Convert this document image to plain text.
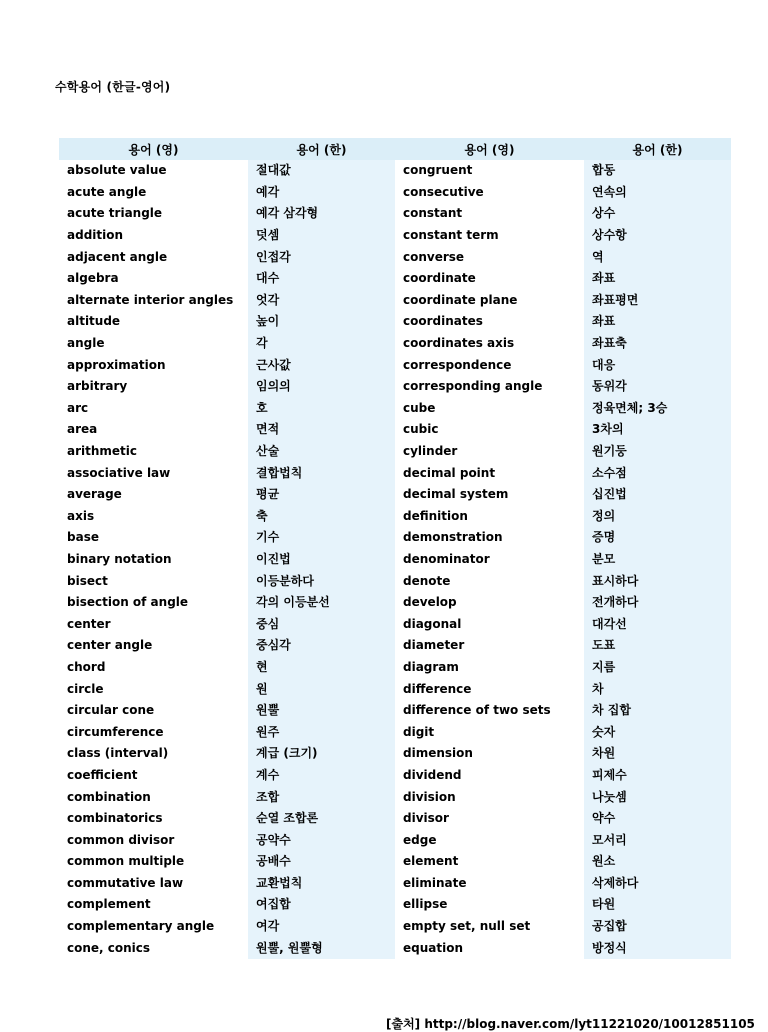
수학용어 (한글-영어)
용어 (영)	용어 (한)	용어 (영)	용어 (한)
absolute value	절대값	congruent	합동
acute angle	예각	consecutive	연속의
acute triangle	예각 삼각형	constant	상수
addition	덧셈	constant term	상수항
adjacent angle	인접각	converse	역
algebra	대수	coordinate	좌표
alternate interior angles	엇각	coordinate plane	좌표평면
altitude	높이	coordinates	좌표
angle	각	coordinates axis	좌표축
approximation	근사값	correspondence	대응
arbitrary	임의의	corresponding angle	동위각
arc	호	cube	정육면체; 3승
area	면적	cubic	3차의
arithmetic	산술	cylinder	원기둥
associative law	결합법칙	decimal point	소수점
average	평균	decimal system	십진법
axis	축	definition	정의
base	기수	demonstration	증명
binary notation	이진법	denominator	분모
bisect	이등분하다	denote	표시하다
bisection of angle	각의 이등분선	develop	전개하다
center	중심	diagonal	대각선
center angle	중심각	diameter	도표
chord	현	diagram	지름
circle	원	difference	차
circular cone	원뿔	difference of two sets	차 집합
circumference	원주	digit	숫자
class (interval)	계급 (크기)	dimension	차원
coefficient	계수	dividend	피제수
combination	조합	division	나눗셈
combinatorics	순열 조합론	divisor	약수
common divisor	공약수	edge	모서리
common multiple	공배수	element	원소
commutative law	교환법칙	eliminate	삭제하다
complement	여집합	ellipse	타원
complementary angle	여각	empty set, null set	공집합
cone, conics	원뿔, 원뿔형	equation	방정식
[출처] http://blog.naver.com/lyt11221020/10012851105
